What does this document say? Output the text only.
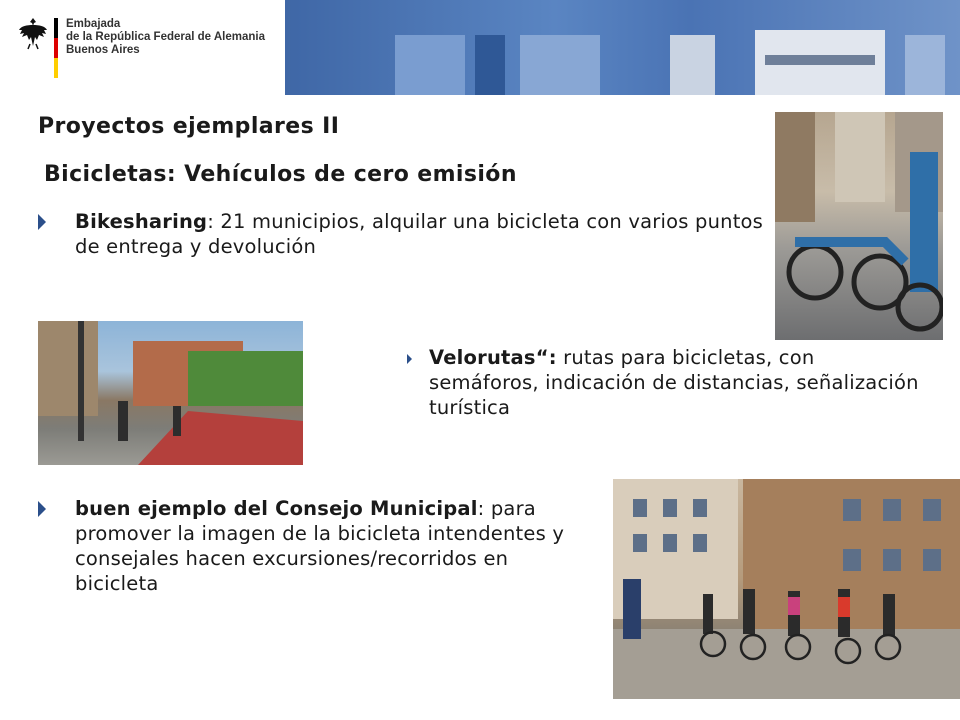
Embajada
de la República Federal de Alemania
Buenos Aires
Proyectos ejemplares II
Bicicletas: Vehículos de cero emisión
Bikesharing: 21 municipios, alquilar una bicicleta con varios puntos de entrega y devolución
Velorutas“: rutas para bicicletas, con semáforos, indicación de distancias, señalización turística
buen ejemplo del Consejo Municipal: para promover la imagen de la bicicleta intendentes y consejales hacen excursiones/recorridos en bicicleta
